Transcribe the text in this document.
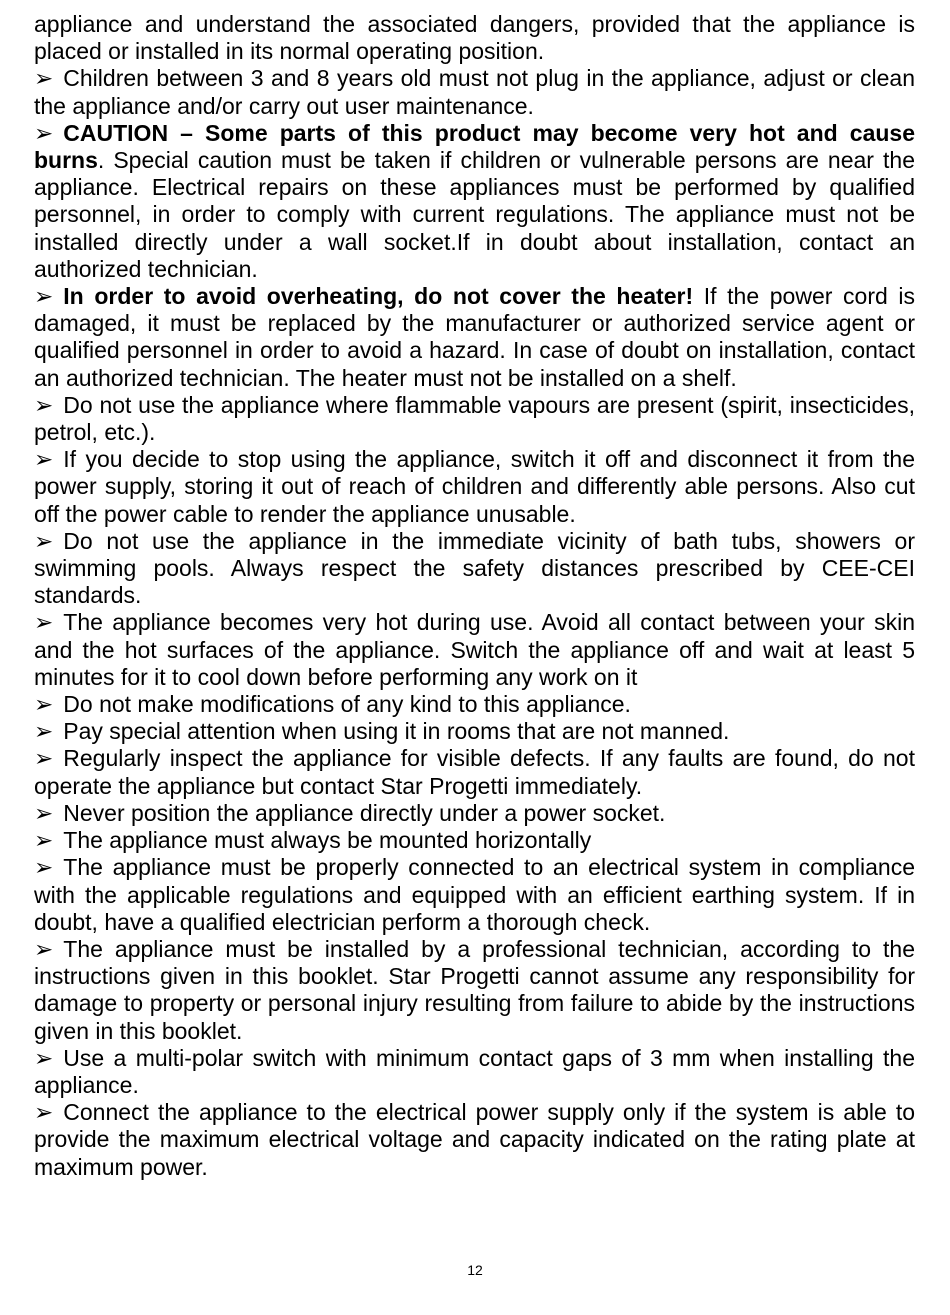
appliance and understand the associated dangers, provided that the appliance is placed or installed in its normal operating position.

➢ Children between 3 and 8 years old must not plug in the appliance, adjust or clean the appliance and/or carry out user maintenance.

➢ CAUTION – Some parts of this product may become very hot and cause burns. Special caution must be taken if children or vulnerable persons are near the appliance. Electrical repairs on these appliances must be performed by qualified personnel, in order to comply with current regulations. The appliance must not be installed directly under a wall socket.If in doubt about installation, contact an authorized technician.

➢ In order to avoid overheating, do not cover the heater! If the power cord is damaged, it must be replaced by the manufacturer or authorized service agent or qualified personnel in order to avoid a hazard. In case of doubt on installation, contact an authorized technician. The heater must not be installed on a shelf.

➢ Do not use the appliance where flammable vapours are present (spirit, insecticides, petrol, etc.).

➢ If you decide to stop using the appliance, switch it off and disconnect it from the power supply, storing it out of reach of children and differently able persons. Also cut off the power cable to render the appliance unusable.

➢ Do not use the appliance in the immediate vicinity of bath tubs, showers or swimming pools. Always respect the safety distances prescribed by CEE-CEI standards.

➢ The appliance becomes very hot during use. Avoid all contact between your skin and the hot surfaces of the appliance. Switch the appliance off and wait at least 5 minutes for it to cool down before performing any work on it

➢ Do not make modifications of any kind to this appliance.

➢ Pay special attention when using it in rooms that are not manned.

➢ Regularly inspect the appliance for visible defects. If any faults are found, do not operate the appliance but contact Star Progetti immediately.

➢ Never position the appliance directly under a power socket.

➢ The appliance must always be mounted horizontally

➢ The appliance must be properly connected to an electrical system in compliance with the applicable regulations and equipped with an efficient earthing system. If in doubt, have a qualified electrician perform a thorough check.

➢ The appliance must be installed by a professional technician, according to the instructions given in this booklet. Star Progetti cannot assume any responsibility for damage to property or personal injury resulting from failure to abide by the instructions given in this booklet.

➢ Use a multi-polar switch with minimum contact gaps of 3 mm when installing the appliance.

➢ Connect the appliance to the electrical power supply only if the system is able to provide the maximum electrical voltage and capacity indicated on the rating plate at maximum power.

12
